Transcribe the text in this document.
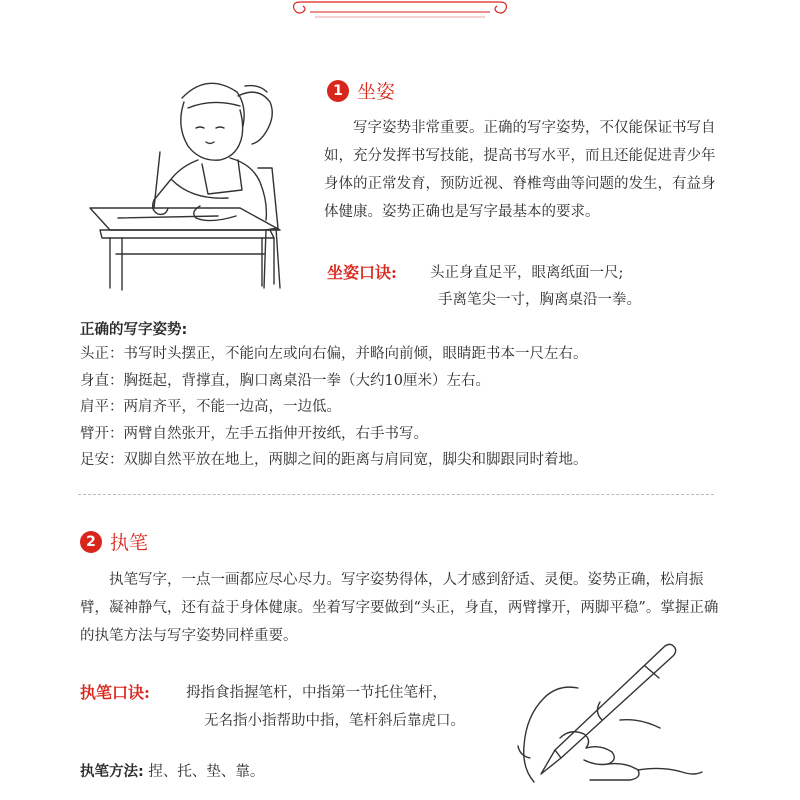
1 坐姿

写字姿势非常重要。正确的写字姿势，不仅能保证书写自如，充分发挥书写技能，提高书写水平，而且还能促进青少年身体的正常发育，预防近视、脊椎弯曲等问题的发生，有益身体健康。姿势正确也是写字最基本的要求。

坐姿口诀: 头正身直足平，眼离纸面一尺;
手离笔尖一寸，胸离桌沿一拳。
正确的写字姿势:
头正：书写时头摆正，不能向左或向右偏，并略向前倾，眼睛距书本一尺左右。
身直：胸挺起，背撑直，胸口离桌沿一拳（大约10厘米）左右。
肩平：两肩齐平，不能一边高，一边低。
臂开：两臂自然张开，左手五指伸开按纸，右手书写。
足安：双脚自然平放在地上，两脚之间的距离与肩同宽，脚尖和脚跟同时着地。
2 执笔

执笔写字，一点一画都应尽心尽力。写字姿势得体，人才感到舒适、灵便。姿势正确，松肩振臂，凝神静气，还有益于身体健康。坐着写字要做到“头正，身直，两臂撑开，两脚平稳”。掌握正确的执笔方法与写字姿势同样重要。

执笔口诀: 拇指食指握笔杆，中指第一节托住笔杆，
无名指小指帮助中指，笔杆斜后靠虎口。
执笔方法: 捏、托、垫、靠。
